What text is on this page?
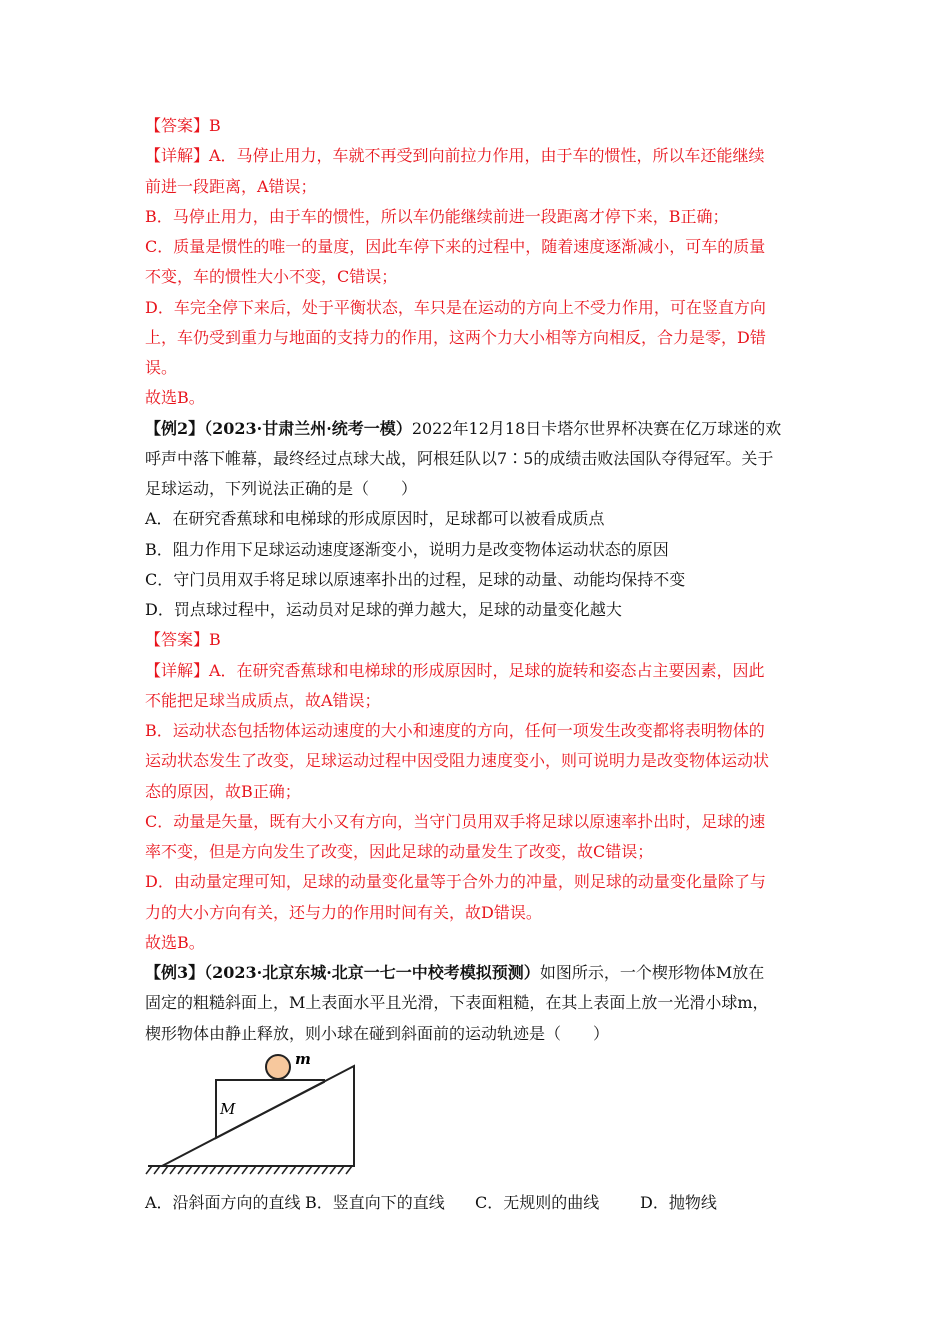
【答案】B
【详解】A．马停止用力，车就不再受到向前拉力作用，由于车的惯性，所以车还能继续
前进一段距离，A错误；
B．马停止用力，由于车的惯性，所以车仍能继续前进一段距离才停下来，B正确；
C．质量是惯性的唯一的量度，因此车停下来的过程中，随着速度逐渐减小，可车的质量
不变，车的惯性大小不变，C错误；
D．车完全停下来后，处于平衡状态，车只是在运动的方向上不受力作用，可在竖直方向
上，车仍受到重力与地面的支持力的作用，这两个力大小相等方向相反，合力是零，D错
误。
故选B。
【例2】（2023·甘肃兰州·统考一模）2022年12月18日卡塔尔世界杯决赛在亿万球迷的欢
呼声中落下帷幕，最终经过点球大战，阿根廷队以7∶5的成绩击败法国队夺得冠军。关于
足球运动，下列说法正确的是（　　）
A．在研究香蕉球和电梯球的形成原因时，足球都可以被看成质点
B．阻力作用下足球运动速度逐渐变小，说明力是改变物体运动状态的原因
C．守门员用双手将足球以原速率扑出的过程，足球的动量、动能均保持不变
D．罚点球过程中，运动员对足球的弹力越大，足球的动量变化越大
【答案】B
【详解】A．在研究香蕉球和电梯球的形成原因时，足球的旋转和姿态占主要因素，因此
不能把足球当成质点，故A错误；
B．运动状态包括物体运动速度的大小和速度的方向，任何一项发生改变都将表明物体的
运动状态发生了改变，足球运动过程中因受阻力速度变小，则可说明力是改变物体运动状
态的原因，故B正确；
C．动量是矢量，既有大小又有方向，当守门员用双手将足球以原速率扑出时，足球的速
率不变，但是方向发生了改变，因此足球的动量发生了改变，故C错误；
D．由动量定理可知，足球的动量变化量等于合外力的冲量，则足球的动量变化量除了与
力的大小方向有关，还与力的作用时间有关，故D错误。
故选B。
【例3】（2023·北京东城·北京一七一中校考模拟预测）如图所示，一个楔形物体M放在
固定的粗糙斜面上，M上表面水平且光滑，下表面粗糙，在其上表面上放一光滑小球m，
楔形物体由静止释放，则小球在碰到斜面前的运动轨迹是（　　）
m
M
A．沿斜面方向的直线 B．竖直向下的直线 C．无规则的曲线	D．抛物线
